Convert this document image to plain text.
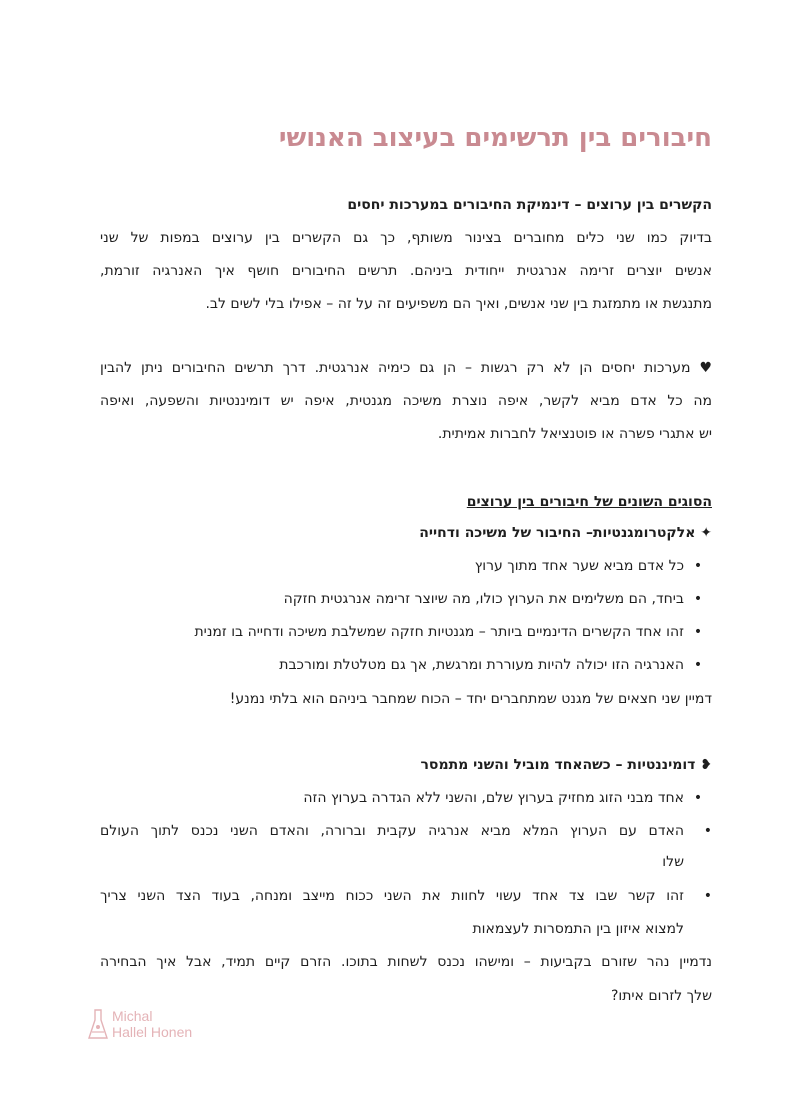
חיבורים בין תרשימים בעיצוב האנושי
הקשרים בין ערוצים – דינמיקת החיבורים במערכות יחסים
בדיוק כמו שני כלים מחוברים בצינור משותף, כך גם הקשרים בין ערוצים במפות של שני
אנשים יוצרים זרימה אנרגטית ייחודית ביניהם. תרשים החיבורים חושף איך האנרגיה זורמת,
מתנגשת או מתמזגת בין שני אנשים, ואיך הם משפיעים זה על זה – אפילו בלי לשים לב.
♥ מערכות יחסים הן לא רק רגשות – הן גם כימיה אנרגטית. דרך תרשים החיבורים ניתן להבין
מה כל אדם מביא לקשר, איפה נוצרת משיכה מגנטית, איפה יש דומיננטיות והשפעה, ואיפה
יש אתגרי פשרה או פוטנציאל לחברות אמיתית.
הסוגים השונים של חיבורים בין ערוצים
✦ אלקטרומגנטיות– החיבור של משיכה ודחייה
•כל אדם מביא שער אחד מתוך ערוץ
•ביחד, הם משלימים את הערוץ כולו, מה שיוצר זרימה אנרגטית חזקה
•זהו אחד הקשרים הדינמיים ביותר – מגנטיות חזקה שמשלבת משיכה ודחייה בו זמנית
•האנרגיה הזו יכולה להיות מעוררת ומרגשת, אך גם מטלטלת ומורכבת
דמיין שני חצאים של מגנט שמתחברים יחד – הכוח שמחבר ביניהם הוא בלתי נמנע!
❥ דומיננטיות – כשהאחד מוביל והשני מתמסר
•אחד מבני הזוג מחזיק בערוץ שלם, והשני ללא הגדרה בערוץ הזה
•האדם עם הערוץ המלא מביא אנרגיה עקבית וברורה, והאדם השני נכנס לתוך העולם
שלו
•זהו קשר שבו צד אחד עשוי לחוות את השני ככוח מייצב ומנחה, בעוד הצד השני צריך
למצוא איזון בין התמסרות לעצמאות
נדמיין נהר שזורם בקביעות – ומישהו נכנס לשחות בתוכו. הזרם קיים תמיד, אבל איך הבחירה
שלך לזרום איתו?
Michal
Hallel Honen
